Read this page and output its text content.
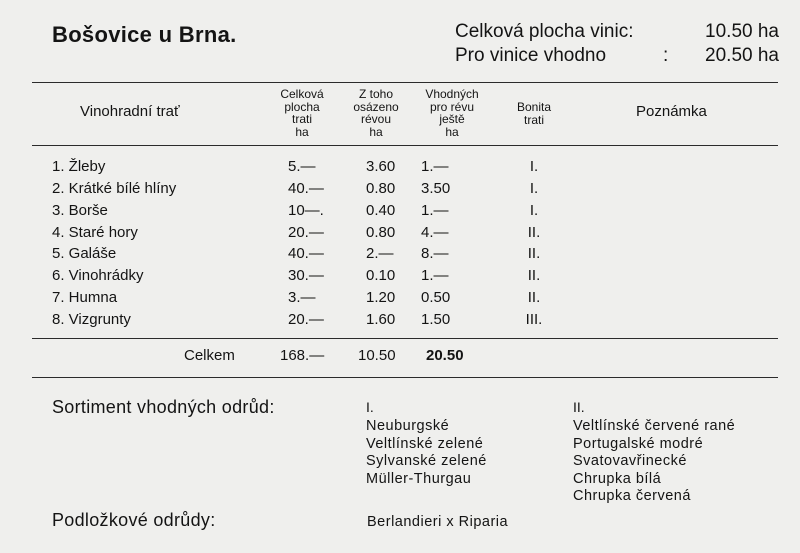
Bošovice u Brna.	Celková plocha vinic:	10.50 ha
Pro vinice vhodno	:	20.50 ha
Vinohradní trať
Celková
plocha
trati
ha
Z toho
osázeno
révou
ha
Vhodných
pro révu
ještě
ha
Bonita
trati	Poznámka
1. Žleby	5.—	3.60 1.—	I.
2. Krátké bílé hlíny	40.—	0.80 3.50	I.
3. Borše	10—.	0.40 1.—	I.
4. Staré hory	20.—	0.80 4.—	II.
5. Galáše	40.—	2.— 8.—	II.
6. Vinohrádky	30.—	0.10 1.—	II.
7. Humna	3.—	1.20 0.50	II.
8. Vizgrunty	20.—	1.60 1.50	III.
Celkem	168.— 10.50 20.50
Sortiment vhodných odrůd:	I.
Neuburgské
Veltlínské zelené
Sylvanské zelené
Müller-Thurgau
II.
Veltlínské červené rané
Portugalské modré
Svatovavřinecké
Chrupka bílá
Chrupka červená
Podložkové odrůdy:	Berlandieri x Riparia
